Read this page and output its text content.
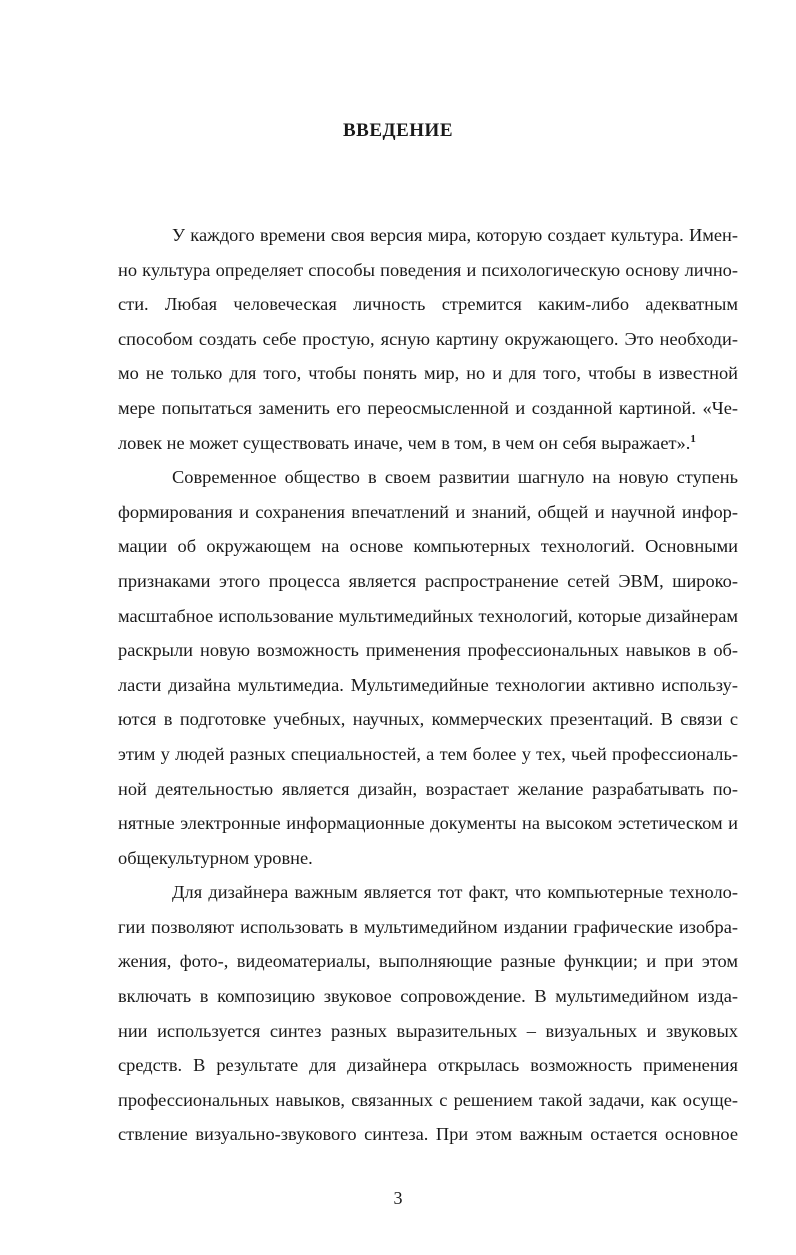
ВВЕДЕНИЕ

У каждого времени своя версия мира, которую создает культура. Имен-
но культура определяет способы поведения и психологическую основу лично-
сти. Любая человеческая личность стремится каким-либо адекватным
способом создать себе простую, ясную картину окружающего. Это необходи-
мо не только для того, чтобы понять мир, но и для того, чтобы в известной
мере попытаться заменить его переосмысленной и созданной картиной. «Че-
ловек не может существовать иначе, чем в том, в чем он себя выражает».$^1$

Современное общество в своем развитии шагнуло на новую ступень
формирования и сохранения впечатлений и знаний, общей и научной инфор-
мации об окружающем на основе компьютерных технологий. Основными
признаками этого процесса является распространение сетей ЭВМ, широко-
масштабное использование мультимедийных технологий, которые дизайнерам
раскрыли новую возможность применения профессиональных навыков в об-
ласти дизайна мультимедиа. Мультимедийные технологии активно использу-
ются в подготовке учебных, научных, коммерческих презентаций. В связи с
этим у людей разных специальностей, а тем более у тех, чьей профессиональ-
ной деятельностью является дизайн, возрастает желание разрабатывать по-
нятные электронные информационные документы на высоком эстетическом и
общекультурном уровне.

Для дизайнера важным является тот факт, что компьютерные техноло-
гии позволяют использовать в мультимедийном издании графические изобра-
жения, фото-, видеоматериалы, выполняющие разные функции; и при этом
включать в композицию звуковое сопровождение. В мультимедийном изда-
нии используется синтез разных выразительных – визуальных и звуковых
средств. В результате для дизайнера открылась возможность применения
профессиональных навыков, связанных с решением такой задачи, как осуще-
ствление визуально-звукового синтеза. При этом важным остается основное

3
